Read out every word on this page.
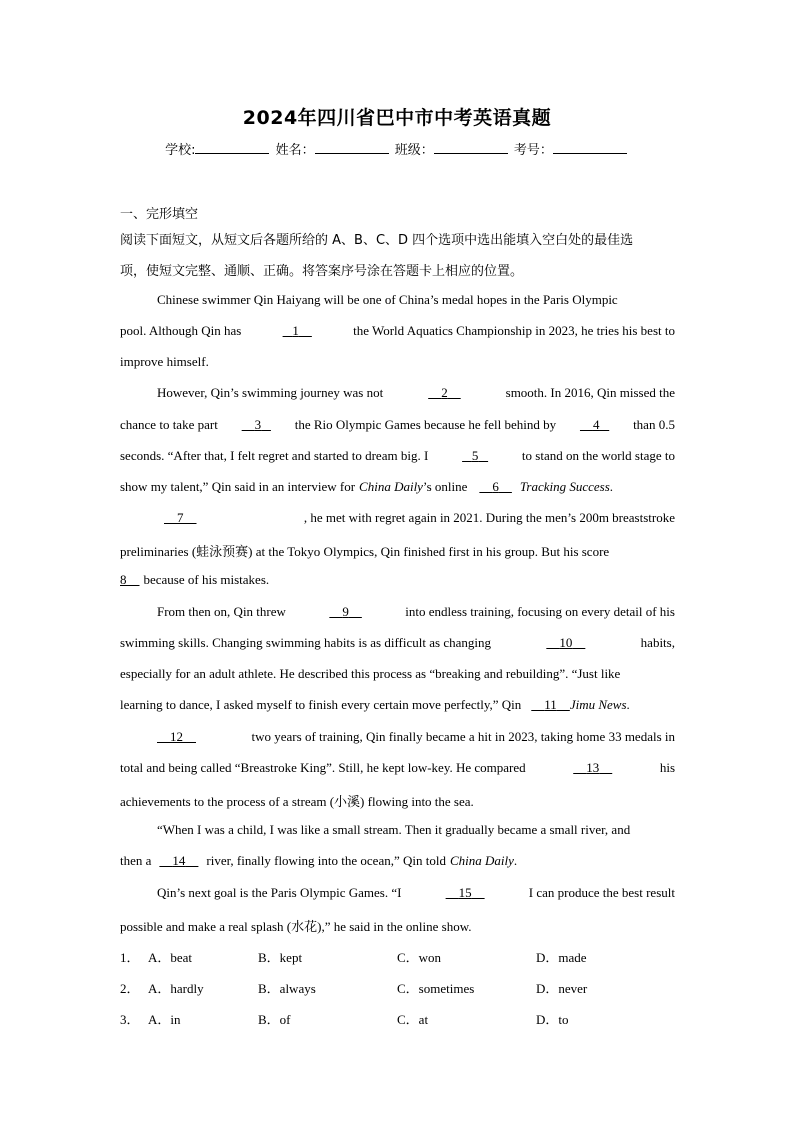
2024年四川省巴中市中考英语真题
学校:	姓名：	班级：	考号：
一、完形填空
阅读下面短文，从短文后各题所给的 A、B、C、D 四个选项中选出能填入空白处的最佳选
项，使短文完整、通顺、正确。将答案序号涂在答题卡上相应的位置。
Chinese swimmer Qin Haiyang will be one of China’s medal hopes in the Paris Olympic
pool. Although Qin has	1	the World Aquatics Championship in 2023, he tries his best to
improve himself.
However, Qin’s swimming journey was not	2	smooth. In 2016, Qin missed the
chance to take part	3	the Rio Olympic Games because he fell behind by	4	than 0.5
seconds. “After that, I felt regret and started to dream big. I	5	to stand on the world stage to
show my talent,” Qin said in an interview for China Daily ’s online	6	Tracking Success .
7	, he met with regret again in 2021. During the men’s 200m breaststroke
preliminaries (蛙泳预赛) at the Tokyo Olympics, Qin finished first in his group. But his score
8	because of his mistakes.
From then on, Qin threw	9	into endless training, focusing on every detail of his
swimming skills. Changing swimming habits is as difficult as changing	10	habits,
especially for an adult athlete. He described this process as “breaking and rebuilding”. “Just like
learning to dance, I asked myself to finish every certain move perfectly,” Qin	11	Jimu News .
12	two years of training, Qin finally became a hit in 2023, taking home 33 medals in
total and being called “Breastroke King”. Still, he kept low-key. He compared	13	his
achievements to the process of a stream (小溪) flowing into the sea.
“When I was a child, I was like a small stream. Then it gradually became a small river, and
then a	14	river, finally flowing into the ocean,” Qin told China Daily .
Qin’s next goal is the Paris Olympic Games. “I	15	I can produce the best result
possible and make a real splash (水花),” he said in the online show.
1． A．beat	B．kept	C．won	D．made
2． A．hardly	B．always	C．sometimes	D．never
3． A．in	B．of	C．at	D．to
